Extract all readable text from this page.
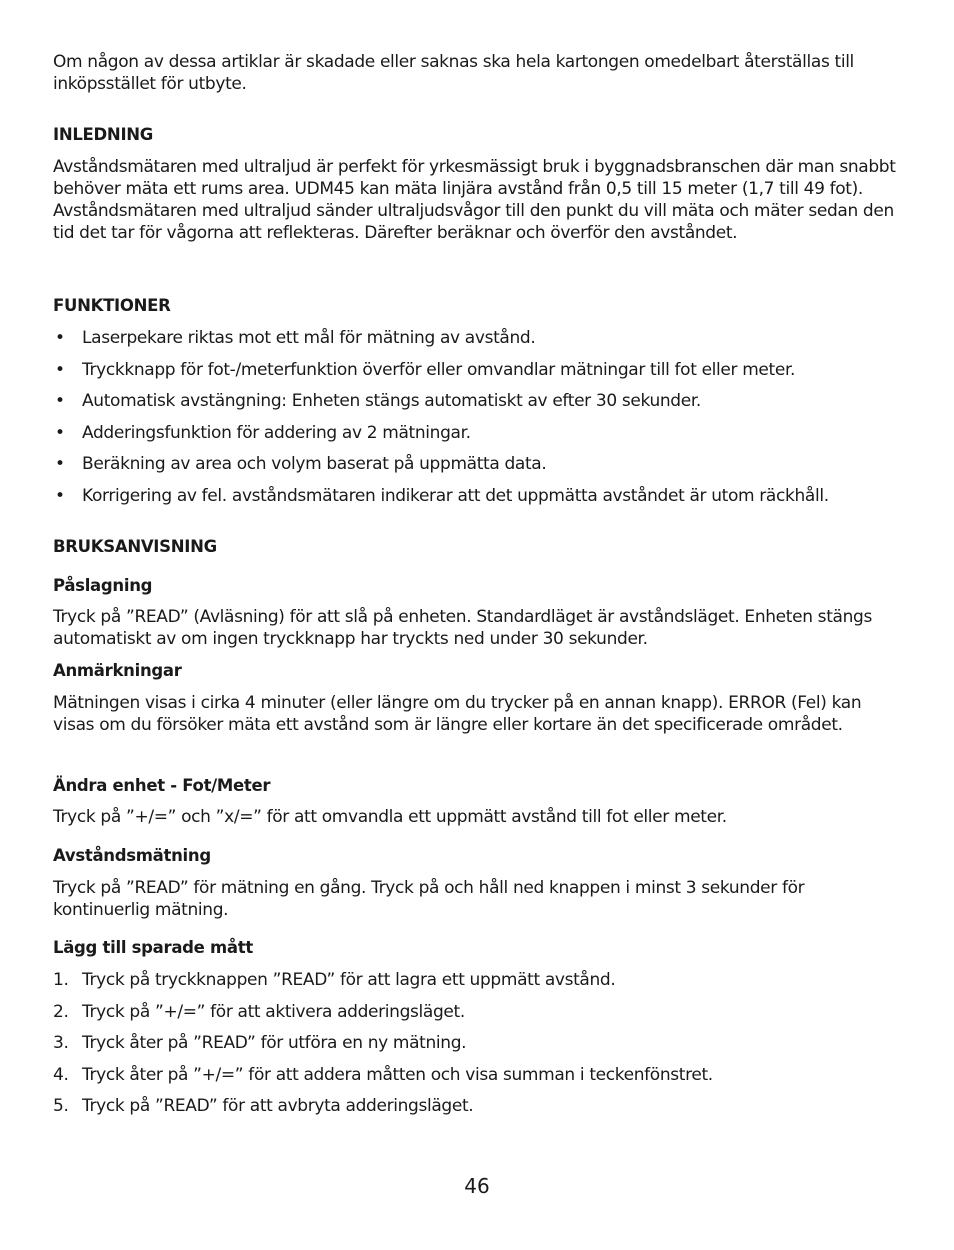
Om någon av dessa artiklar är skadade eller saknas ska hela kartongen omedelbart återställas till inköpsstället för utbyte.
INLEDNING
Avståndsmätaren med ultraljud är perfekt för yrkesmässigt bruk i byggnadsbranschen där man snabbt behöver mäta ett rums area. UDM45 kan mäta linjära avstånd från 0,5 till 15 meter (1,7 till 49 fot). Avståndsmätaren med ultraljud sänder ultraljudsvågor till den punkt du vill mäta och mäter sedan den tid det tar för vågorna att reflekteras. Därefter beräknar och överför den avståndet.
FUNKTIONER
• Laserpekare riktas mot ett mål för mätning av avstånd.
• Tryckknapp för fot-/meterfunktion överför eller omvandlar mätningar till fot eller meter.
• Automatisk avstängning: Enheten stängs automatiskt av efter 30 sekunder.
• Adderingsfunktion för addering av 2 mätningar.
• Beräkning av area och volym baserat på uppmätta data.
• Korrigering av fel. avståndsmätaren indikerar att det uppmätta avståndet är utom räckhåll.
BRUKSANVISNING
Påslagning
Tryck på ”READ” (Avläsning) för att slå på enheten. Standardläget är avståndsläget. Enheten stängs automatiskt av om ingen tryckknapp har tryckts ned under 30 sekunder.
Anmärkningar
Mätningen visas i cirka 4 minuter (eller längre om du trycker på en annan knapp). ERROR (Fel) kan visas om du försöker mäta ett avstånd som är längre eller kortare än det specificerade området.
Ändra enhet - Fot/Meter
Tryck på ”+/=” och ”x/=” för att omvandla ett uppmätt avstånd till fot eller meter.
Avståndsmätning
Tryck på ”READ” för mätning en gång. Tryck på och håll ned knappen i minst 3 sekunder för kontinuerlig mätning.
Lägg till sparade mått
1. Tryck på tryckknappen ”READ” för att lagra ett uppmätt avstånd.
2. Tryck på ”+/=” för att aktivera adderingsläget.
3. Tryck åter på ”READ” för utföra en ny mätning.
4. Tryck åter på ”+/=” för att addera måtten och visa summan i teckenfönstret.
5. Tryck på ”READ” för att avbryta adderingsläget.
46
